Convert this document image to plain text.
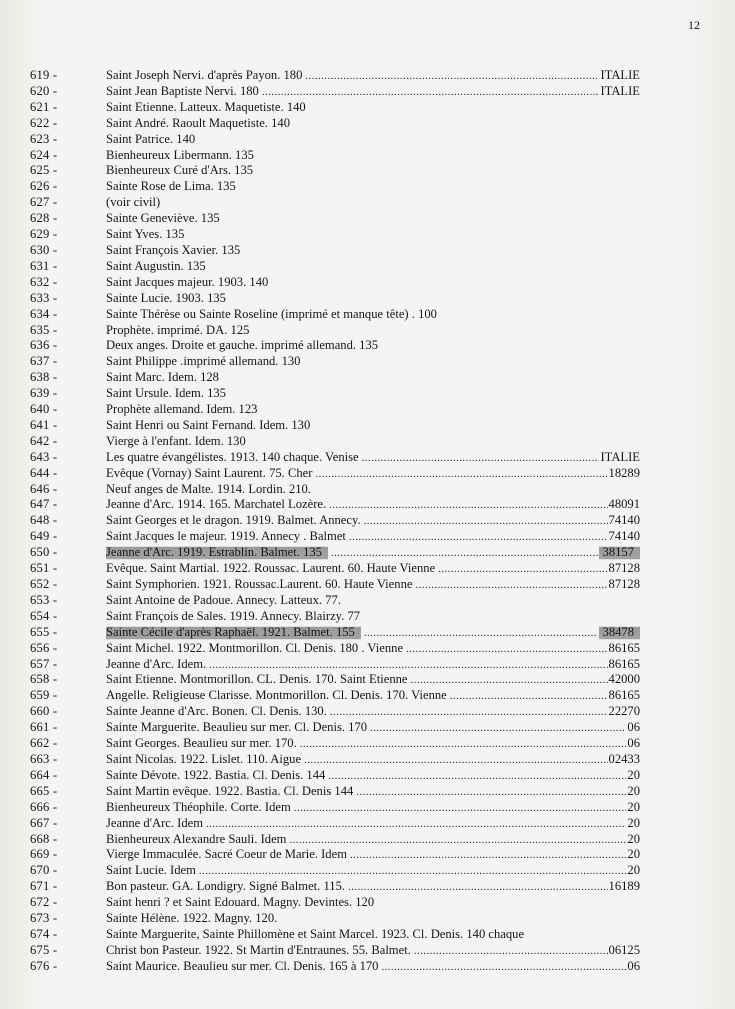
12
619 -	Saint Joseph Nervi. d'après Payon. 180 .....	ITALIE
620 -	Saint Jean Baptiste Nervi. 180 .....	ITALIE
621 -	Saint Etienne. Latteux. Maquetiste. 140
622 -	Saint André. Raoult Maquetiste. 140
623 -	Saint Patrice. 140
624 -	Bienheureux Libermann. 135
625 -	Bienheureux Curé d'Ars. 135
626 -	Sainte Rose de Lima. 135
627 -	(voir civil)
628 -	Sainte Geneviève. 135
629 -	Saint Yves. 135
630 -	Saint François Xavier. 135
631 -	Saint Augustin. 135
632 -	Saint Jacques majeur. 1903. 140
633 -	Sainte Lucie. 1903. 135
634 -	Sainte Thérèse ou Sainte Roseline (imprimé et manque tête) . 100
635 -	Prophète. imprimé. DA. 125
636 -	Deux anges. Droite et gauche. imprimé allemand. 135
637 -	Saint Philippe .imprimé allemand. 130
638 -	Saint Marc. Idem. 128
639 -	Saint Ursule. Idem. 135
640 -	Prophète allemand. Idem. 123
641 -	Saint Henri ou Saint Fernand. Idem. 130
642 -	Vierge à l'enfant. Idem. 130
643 -	Les quatre évangélistes. 1913. 140 chaque. Venise .....	ITALIE
644 -	Evêque (Vornay) Saint Laurent. 75. Cher .....	18289
646 -	Neuf anges de Malte. 1914. Lordin. 210.
647 -	Jeanne d'Arc. 1914. 165. Marchatel Lozère. .....	48091
648 -	Saint Georges et le dragon. 1919. Balmet. Annecy. .....	74140
649 -	Saint Jacques le majeur. 1919. Annecy . Balmet .....	74140
650 -	Jeanne d'Arc. 1919. Estrablin. Balmet. 135 .....	38157
651 -	Evêque. Saint Martial. 1922. Roussac. Laurent. 60. Haute Vienne .....	87128
652 -	Saint Symphorien. 1921. Roussac.Laurent. 60. Haute Vienne .....	87128
653 -	Saint Antoine de Padoue. Annecy. Latteux. 77.
654 -	Saint François de Sales. 1919. Annecy. Blairzy. 77
655 -	Sainte Cécile d'après Raphaël. 1921. Balmet. 155 .....	38478
656 -	Saint Michel. 1922. Montmorillon. Cl. Denis. 180 . Vienne .....	86165
657 -	Jeanne d'Arc. Idem. .....	86165
658 -	Saint Etienne. Montmorillon. CL. Denis. 170. Saint Etienne .....	42000
659 -	Angelle. Religieuse Clarisse. Montmorillon. Cl. Denis. 170. Vienne .....	86165
660 -	Sainte Jeanne d'Arc. Bonen. Cl. Denis. 130. .....	22270
661 -	Sainte Marguerite. Beaulieu sur mer. Cl. Denis. 170 .....	06
662 -	Saint Georges. Beaulieu sur mer. 170. .....	06
663 -	Saint Nicolas. 1922. Lislet. 110. Aigue .....	02433
664 -	Sainte Dévote. 1922. Bastia. Cl. Denis. 144 .....	20
665 -	Saint Martin evêque. 1922. Bastia. Cl. Denis 144 .....	20
666 -	Bienheureux Théophile. Corte. Idem .....	20
667 -	Jeanne d'Arc. Idem .....	20
668 -	Bienheureux Alexandre Sauli. Idem .....	20
669 -	Vierge Immaculée. Sacré Coeur de Marie. Idem .....	20
670 -	Saint Lucie. Idem .....	20
671 -	Bon pasteur. GA. Londigry. Signé Balmet. 115. .....	16189
672 -	Saint henri ? et Saint Edouard. Magny. Devintes. 120
673 -	Sainte Hélène. 1922. Magny. 120.
674 -	Sainte Marguerite, Sainte Phillomène et Saint Marcel. 1923. Cl. Denis. 140 chaque
675 -	Christ bon Pasteur. 1922. St Martin d'Entraunes. 55. Balmet. .....	06125
676 -	Saint Maurice. Beaulieu sur mer. Cl. Denis. 165 à 170 .....	06
